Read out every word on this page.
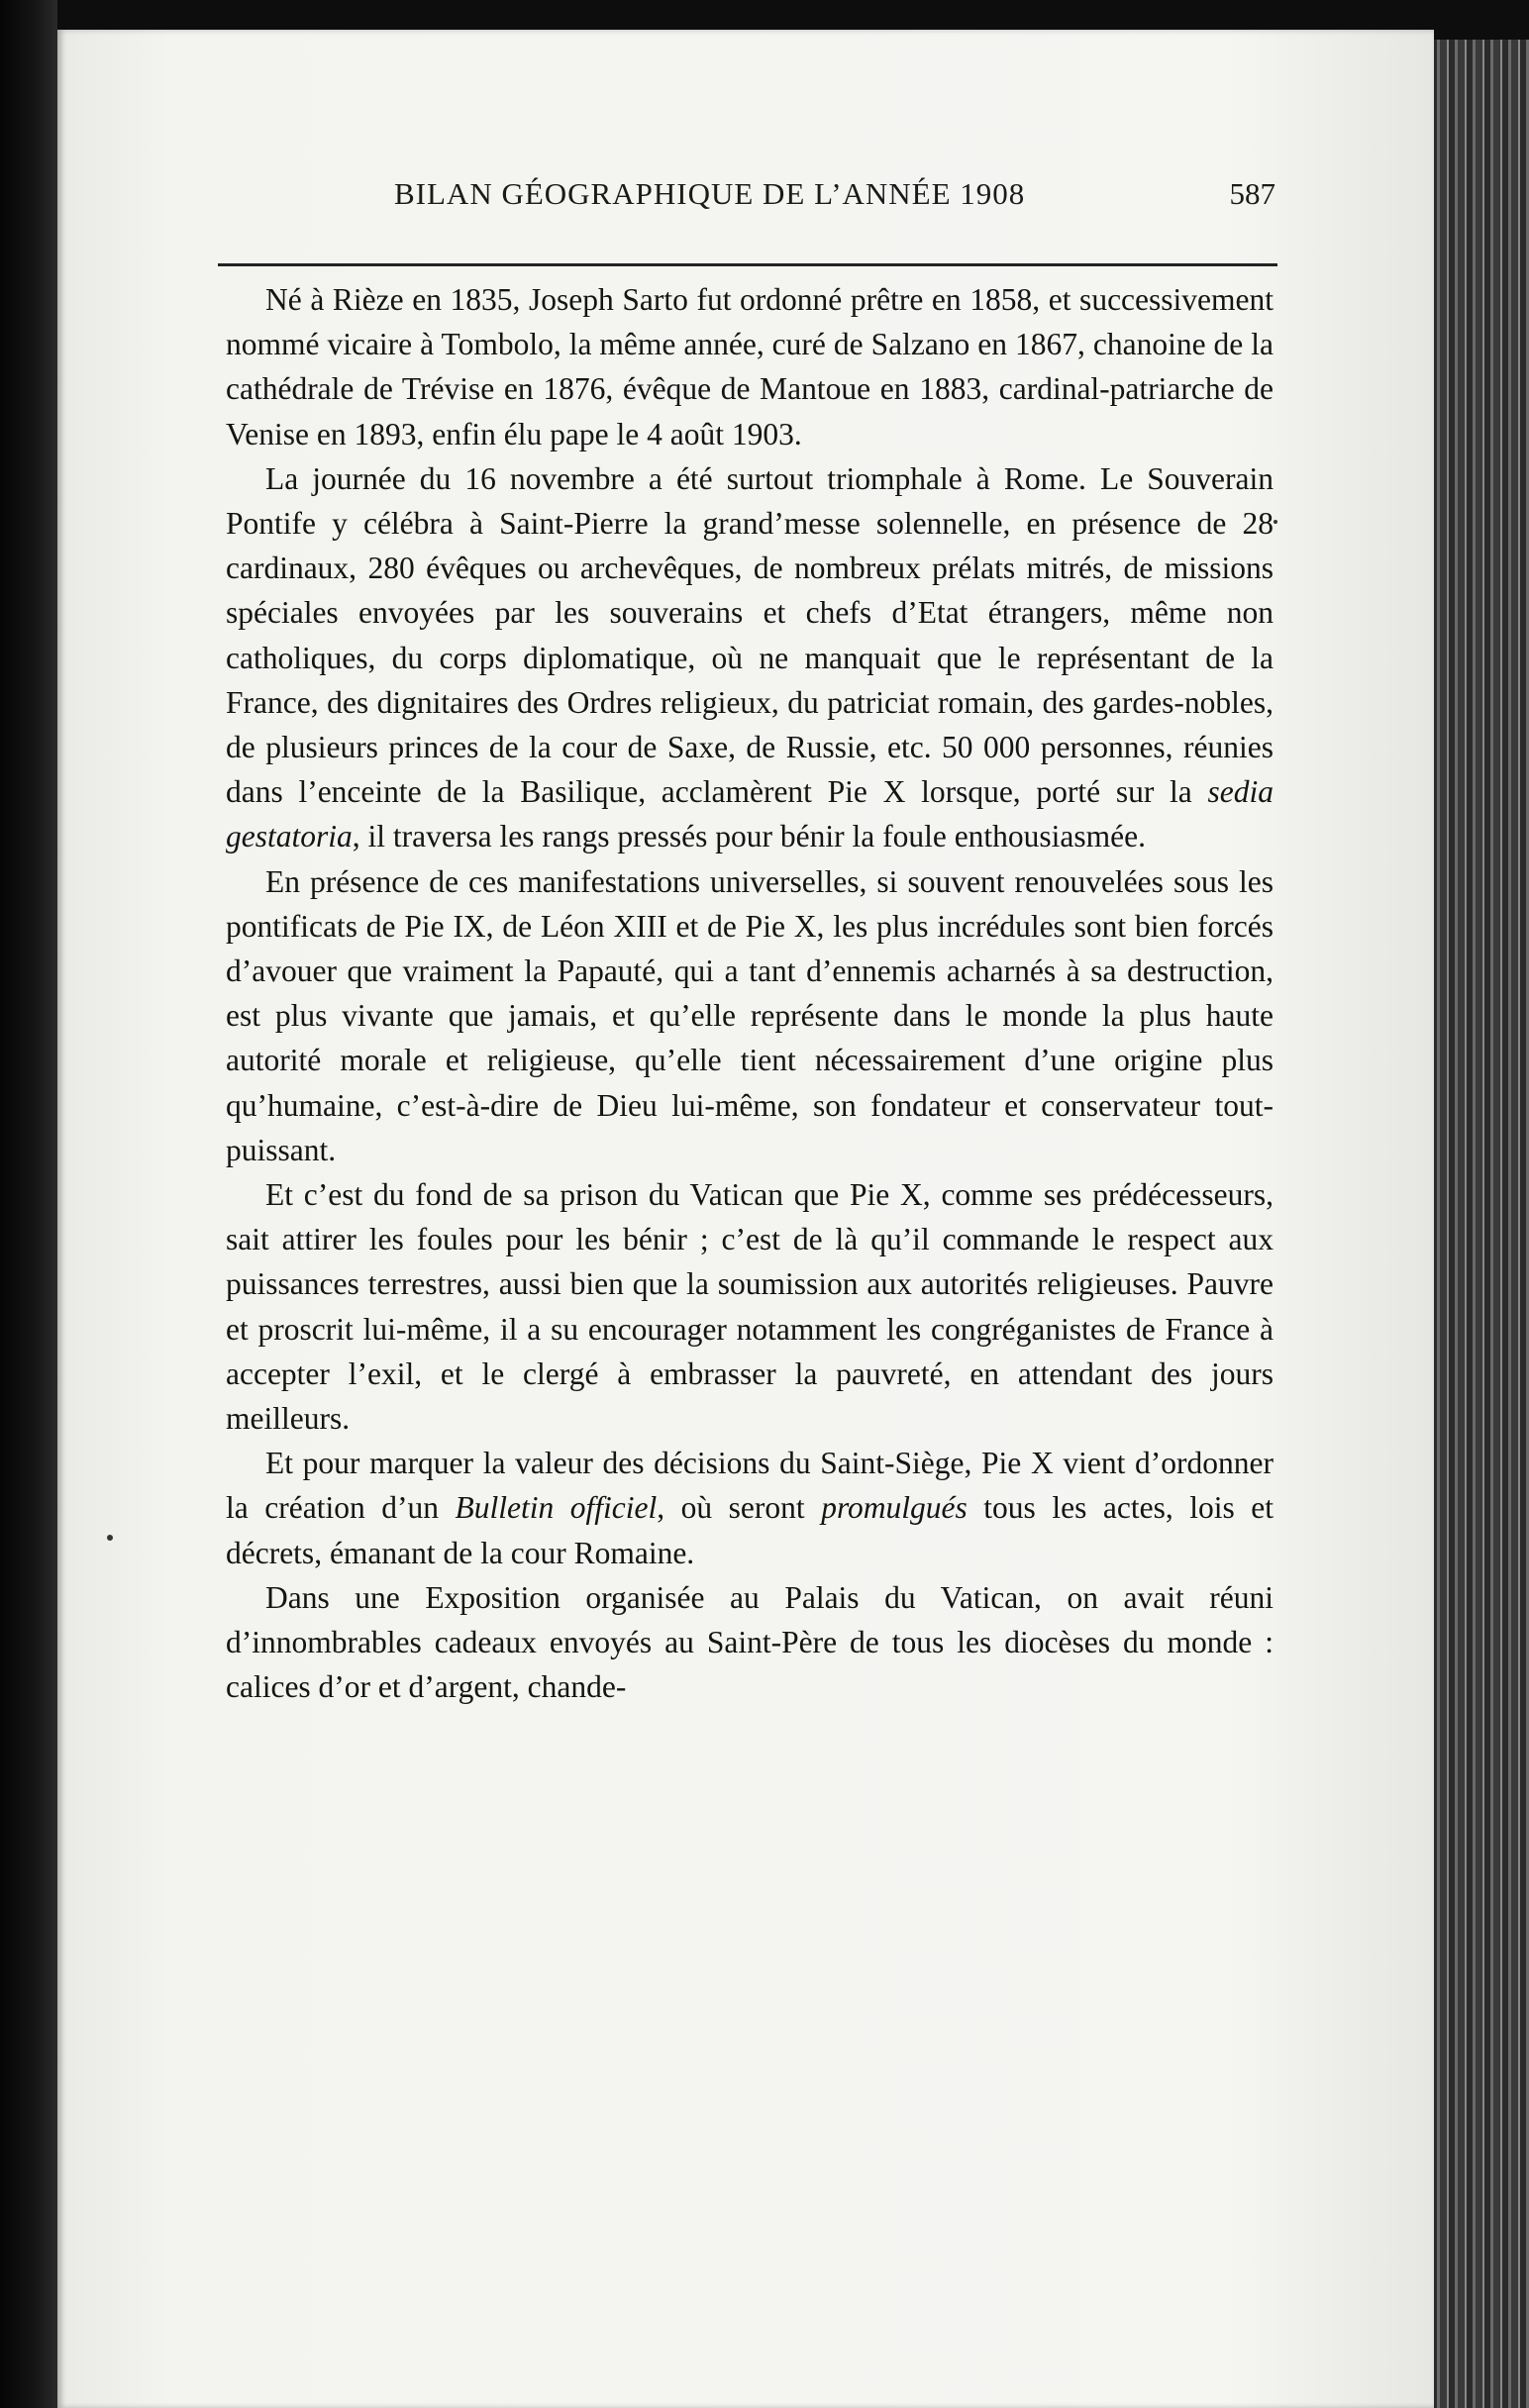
BILAN GÉOGRAPHIQUE DE L’ANNÉE 1908	587

Né à Rièze en 1835, Joseph Sarto fut ordonné prêtre en 1858, et successivement nommé vicaire à Tombolo, la même année, curé de Salzano en 1867, chanoine de la cathédrale de Trévise en 1876, évêque de Mantoue en 1883, cardinal-patriarche de Venise en 1893, enfin élu pape le 4 août 1903.

La journée du 16 novembre a été surtout triomphale à Rome. Le Souverain Pontife y célébra à Saint-Pierre la grand’messe solennelle, en présence de 28 cardinaux, 280 évêques ou archevêques, de nombreux prélats mitrés, de missions spéciales envoyées par les souverains et chefs d’Etat étrangers, même non catholiques, du corps diplomatique, où ne manquait que le représentant de la France, des dignitaires des Ordres religieux, du patriciat romain, des gardes-nobles, de plusieurs princes de la cour de Saxe, de Russie, etc. 50 000 personnes, réunies dans l’enceinte de la Basilique, acclamèrent Pie X lorsque, porté sur la sedia gestatoria, il traversa les rangs pressés pour bénir la foule enthousiasmée.

En présence de ces manifestations universelles, si souvent renouvelées sous les pontificats de Pie IX, de Léon XIII et de Pie X, les plus incrédules sont bien forcés d’avouer que vraiment la Papauté, qui a tant d’ennemis acharnés à sa destruction, est plus vivante que jamais, et qu’elle représente dans le monde la plus haute autorité morale et religieuse, qu’elle tient nécessairement d’une origine plus qu’humaine, c’est-à-dire de Dieu lui-même, son fondateur et conservateur tout-puissant.

Et c’est du fond de sa prison du Vatican que Pie X, comme ses prédécesseurs, sait attirer les foules pour les bénir ; c’est de là qu’il commande le respect aux puissances terrestres, aussi bien que la soumission aux autorités religieuses. Pauvre et proscrit lui-même, il a su encourager notamment les congréganistes de France à accepter l’exil, et le clergé à embrasser la pauvreté, en attendant des jours meilleurs.

Et pour marquer la valeur des décisions du Saint-Siège, Pie X vient d’ordonner la création d’un Bulletin officiel, où seront promulgués tous les actes, lois et décrets, émanant de la cour Romaine.

Dans une Exposition organisée au Palais du Vatican, on avait réuni d’innombrables cadeaux envoyés au Saint-Père de tous les diocèses du monde : calices d’or et d’argent, chande-
